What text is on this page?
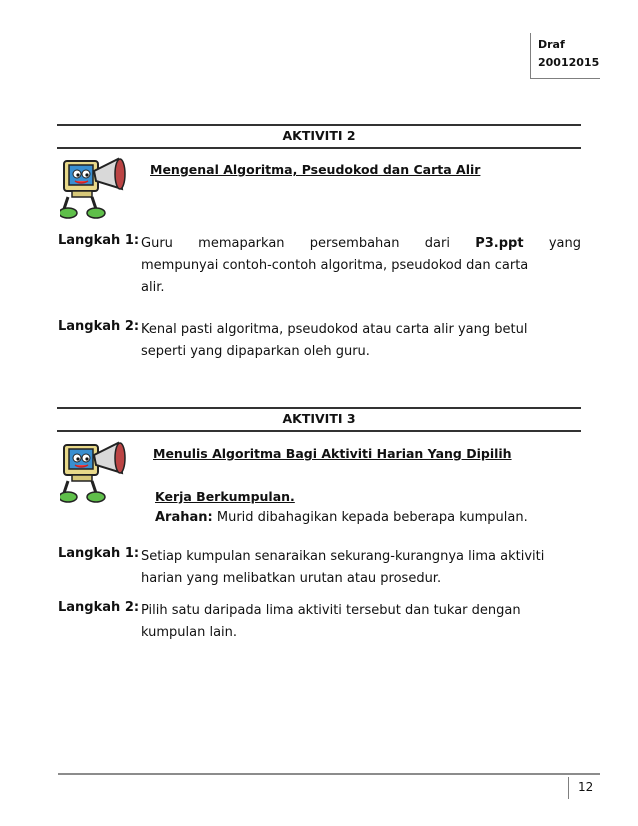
Draf
20012015
AKTIVITI 2
Mengenal Algoritma, Pseudokod dan Carta Alir
Langkah 1: Guru memaparkan persembahan dari P3.ppt yang
mempunyai contoh-contoh algoritma, pseudokod dan carta
alir.
Langkah 2: Kenal pasti algoritma, pseudokod atau carta alir yang betul
seperti yang dipaparkan oleh guru.
AKTIVITI 3
Menulis Algoritma Bagi Aktiviti Harian Yang Dipilih
Kerja Berkumpulan.
Arahan: Murid dibahagikan kepada beberapa kumpulan.
Langkah 1: Setiap kumpulan senaraikan sekurang-kurangnya lima aktiviti
harian yang melibatkan urutan atau prosedur.
Langkah 2: Pilih satu daripada lima aktiviti tersebut dan tukar dengan
kumpulan lain.
12
